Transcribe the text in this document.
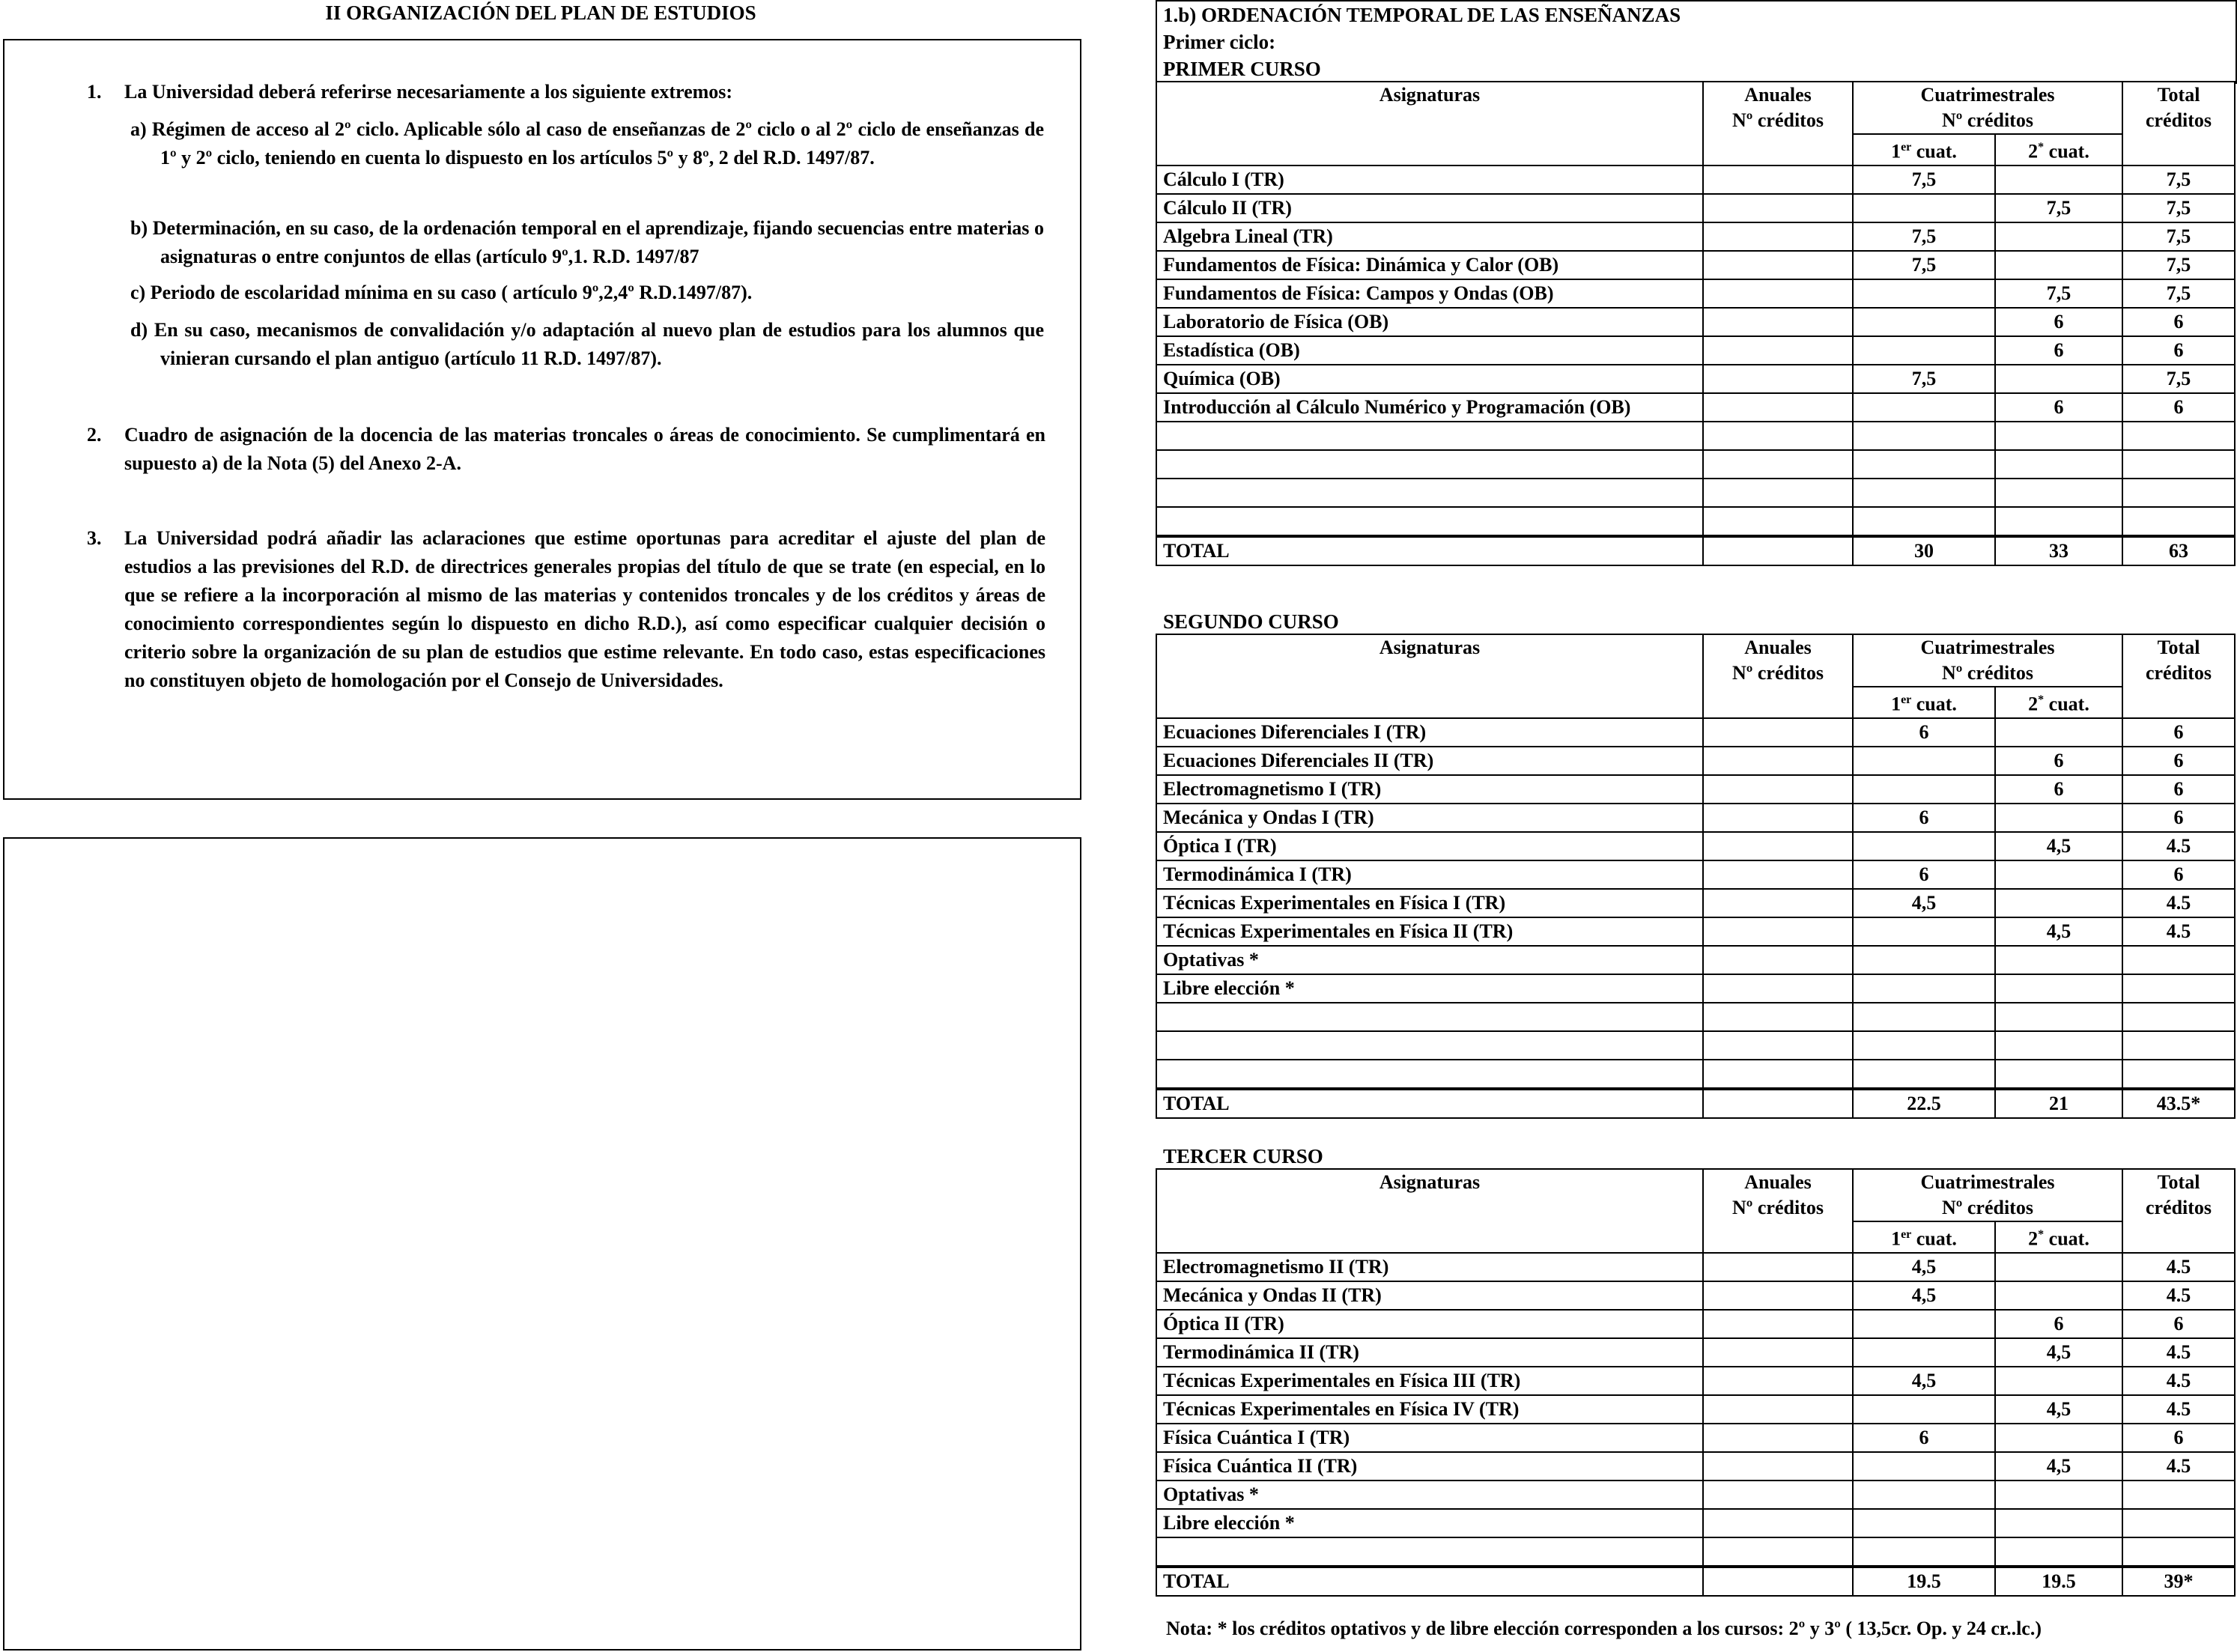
II ORGANIZACIÓN DEL PLAN DE ESTUDIOS
1. La Universidad deberá referirse necesariamente a los siguiente extremos:
a) Régimen de acceso al 2º ciclo. Aplicable sólo al caso de enseñanzas de 2º ciclo o al 2º ciclo de enseñanzas de 1º y 2º ciclo, teniendo en cuenta lo dispuesto en los artículos 5º y 8º, 2 del R.D. 1497/87.
b) Determinación, en su caso, de la ordenación temporal en el aprendizaje, fijando secuencias entre materias o asignaturas o entre conjuntos de ellas (artículo 9º,1. R.D. 1497/87
c) Periodo de escolaridad mínima en su caso ( artículo 9º,2,4º R.D.1497/87).
d) En su caso, mecanismos de convalidación y/o adaptación al nuevo plan de estudios para los alumnos que vinieran cursando el plan antiguo (artículo 11 R.D. 1497/87).
2. Cuadro de asignación de la docencia de las materias troncales o áreas de conocimiento. Se cumplimentará en supuesto a) de la Nota (5) del Anexo 2-A.
3. La Universidad podrá añadir las aclaraciones que estime oportunas para acreditar el ajuste del plan de estudios a las previsiones del R.D. de directrices generales propias del título de que se trate (en especial, en lo que se refiere a la incorporación al mismo de las materias y contenidos troncales y de los créditos y áreas de conocimiento correspondientes según lo dispuesto en dicho R.D.), así como especificar cualquier decisión o criterio sobre la organización de su plan de estudios que estime relevante. En todo caso, estas especificaciones no constituyen objeto de homologación por el Consejo de Universidades.
1.b) ORDENACIÓN TEMPORAL DE LAS ENSEÑANZAS
Primer ciclo:
PRIMER CURSO
Asignaturas	Anuales
Nº créditos	Cuatrimestrales
Nº créditos		Total
créditos

		1er cuat.	2* cuat.	
Cálculo I (TR)		7,5		7,5
Cálculo II (TR)			7,5	7,5
Algebra Lineal (TR)		7,5		7,5
Fundamentos de Física: Dinámica y Calor (OB)		7,5		7,5
Fundamentos de Física: Campos y Ondas (OB)			7,5	7,5
Laboratorio de Física (OB)			6	6
Estadística (OB)			6	6
Química (OB)		7,5		7,5
Introducción al Cálculo Numérico y Programación (OB)			6	6

TOTAL		30	33	63
SEGUNDO CURSO
Asignaturas	Anuales
Nº créditos	Cuatrimestrales
Nº créditos		Total
créditos

		1er cuat.	2* cuat.	
Ecuaciones Diferenciales I (TR)		6		6
Ecuaciones Diferenciales II (TR)			6	6
Electromagnetismo I (TR)			6	6
Mecánica y Ondas I (TR)		6		6
Óptica I (TR)			4,5	4.5
Termodinámica I (TR)		6		6
Técnicas Experimentales en Física I (TR)		4,5		4.5
Técnicas Experimentales en Física II (TR)			4,5	4.5
Optativas *				
Libre elección *				

TOTAL		22.5	21	43.5*
TERCER CURSO
Asignaturas	Anuales
Nº créditos	Cuatrimestrales
Nº créditos		Total
créditos

		1er cuat.	2* cuat.	
Electromagnetismo II (TR)		4,5		4.5
Mecánica y Ondas II (TR)		4,5		4.5
Óptica II (TR)			6	6
Termodinámica II (TR)			4,5	4.5
Técnicas Experimentales en Física III (TR)		4,5		4.5
Técnicas Experimentales en Física IV (TR)			4,5	4.5
Física Cuántica I (TR)		6		6
Física Cuántica II (TR)			4,5	4.5
Optativas *				
Libre elección *				

TOTAL		19.5	19.5	39*
Nota: * los créditos optativos y de libre elección corresponden a los cursos: 2º y 3º ( 13,5cr. Op. y 24 cr..lc.)
